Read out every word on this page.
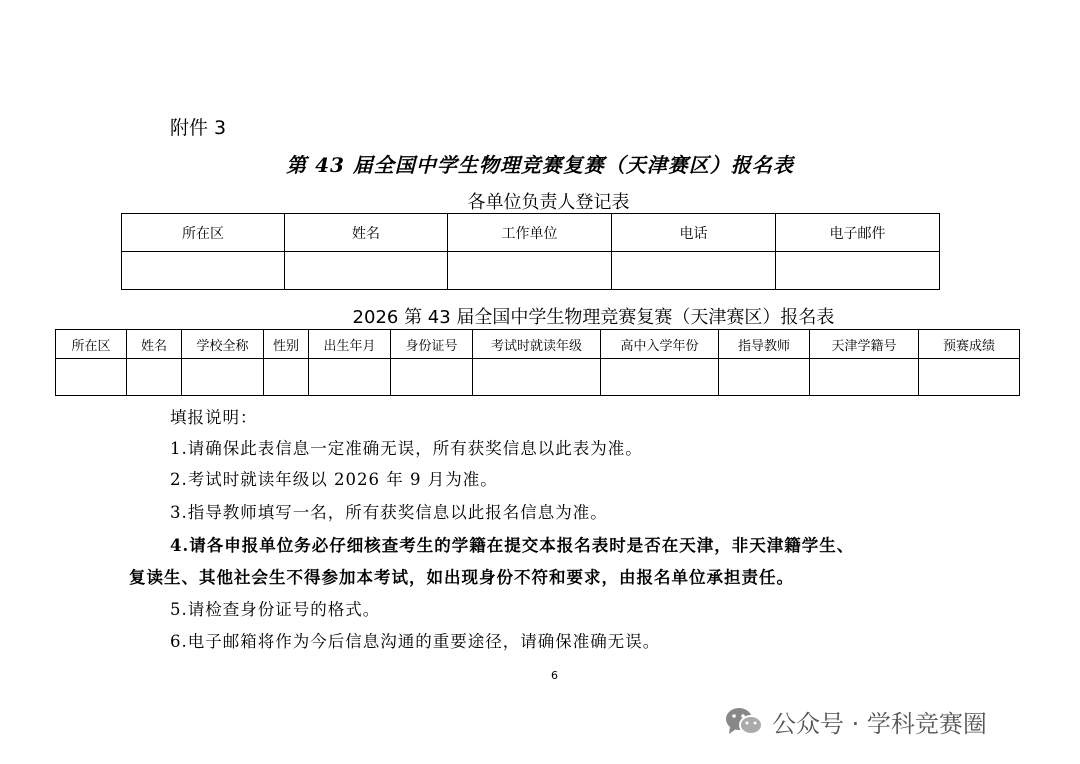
附件 3
第 43 届全国中学生物理竞赛复赛（天津赛区）报名表
各单位负责人登记表
所在区	姓名	工作单位	电话	电子邮件

2026 第 43 届全国中学生物理竞赛复赛（天津赛区）报名表
所在区	姓名	学校全称	性别	出生年月	身份证号	考试时就读年级	高中入学年份	指导教师	天津学籍号	预赛成绩

填报说明：
1.请确保此表信息一定准确无误，所有获奖信息以此表为准。
2.考试时就读年级以 2026 年 9 月为准。
3.指导教师填写一名，所有获奖信息以此报名信息为准。
4.请各申报单位务必仔细核查考生的学籍在提交本报名表时是否在天津，非天津籍学生、
复读生、其他社会生不得参加本考试，如出现身份不符和要求，由报名单位承担责任。
5.请检查身份证号的格式。
6.电子邮箱将作为今后信息沟通的重要途径，请确保准确无误。
6
公众号 · 学科竞赛圈
